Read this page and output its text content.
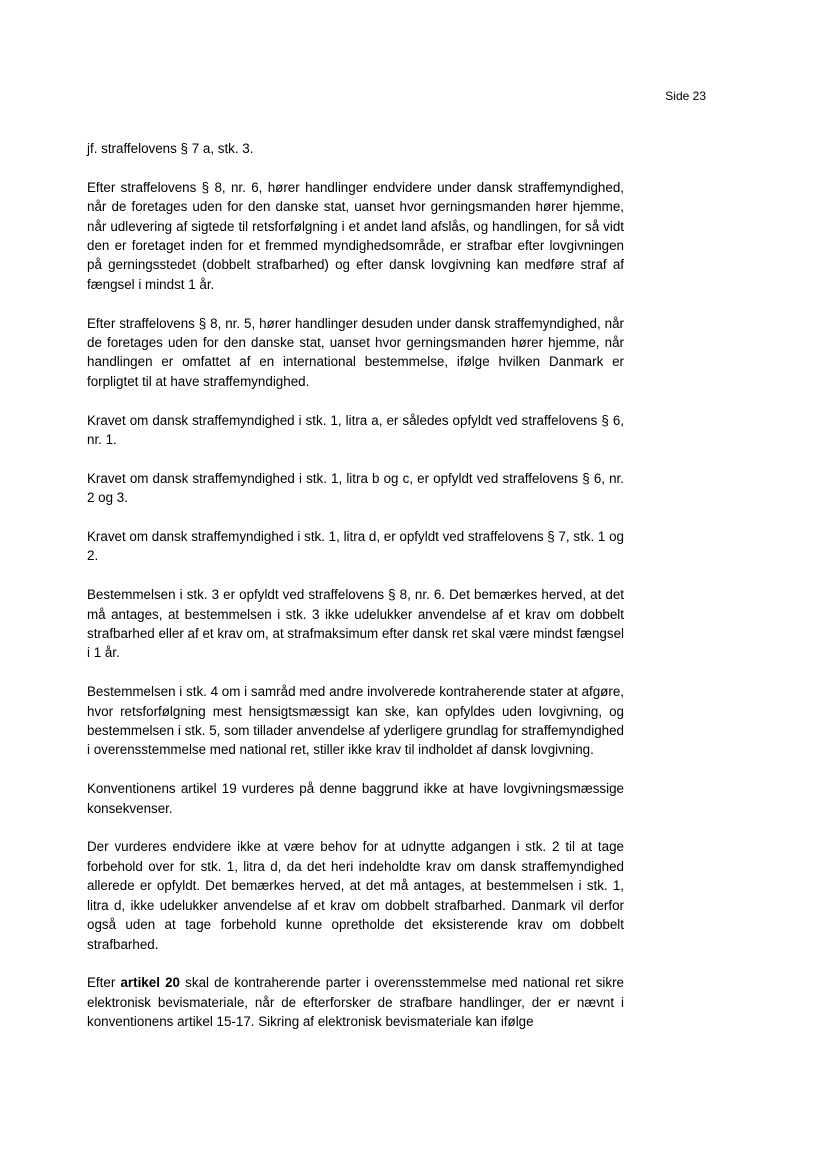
Side 23

jf. straffelovens § 7 a, stk. 3.

Efter straffelovens § 8, nr. 6, hører handlinger endvidere under dansk straffemyndighed, når de foretages uden for den danske stat, uanset hvor gerningsmanden hører hjemme, når udlevering af sigtede til retsforfølgning i et andet land afslås, og handlingen, for så vidt den er foretaget inden for et fremmed myndighedsområde, er strafbar efter lovgivningen på gerningsstedet (dobbelt strafbarhed) og efter dansk lovgivning kan medføre straf af fængsel i mindst 1 år.

Efter straffelovens § 8, nr. 5, hører handlinger desuden under dansk straffemyndighed, når de foretages uden for den danske stat, uanset hvor gerningsmanden hører hjemme, når handlingen er omfattet af en international bestemmelse, ifølge hvilken Danmark er forpligtet til at have straffemyndighed.

Kravet om dansk straffemyndighed i stk. 1, litra a, er således opfyldt ved straffelovens § 6, nr. 1.

Kravet om dansk straffemyndighed i stk. 1, litra b og c, er opfyldt ved straffelovens § 6, nr. 2 og 3.

Kravet om dansk straffemyndighed i stk. 1, litra d, er opfyldt ved straffelovens § 7, stk. 1 og 2.

Bestemmelsen i stk. 3 er opfyldt ved straffelovens § 8, nr. 6. Det bemærkes herved, at det må antages, at bestemmelsen i stk. 3 ikke udelukker anvendelse af et krav om dobbelt strafbarhed eller af et krav om, at strafmaksimum efter dansk ret skal være mindst fængsel i 1 år.

Bestemmelsen i stk. 4 om i samråd med andre involverede kontraherende stater at afgøre, hvor retsforfølgning mest hensigtsmæssigt kan ske, kan opfyldes uden lovgivning, og bestemmelsen i stk. 5, som tillader anvendelse af yderligere grundlag for straffemyndighed i overensstemmelse med national ret, stiller ikke krav til indholdet af dansk lovgivning.

Konventionens artikel 19 vurderes på denne baggrund ikke at have lovgivningsmæssige konsekvenser.

Der vurderes endvidere ikke at være behov for at udnytte adgangen i stk. 2 til at tage forbehold over for stk. 1, litra d, da det heri indeholdte krav om dansk straffemyndighed allerede er opfyldt. Det bemærkes herved, at det må antages, at bestemmelsen i stk. 1, litra d, ikke udelukker anvendelse af et krav om dobbelt strafbarhed. Danmark vil derfor også uden at tage forbehold kunne opretholde det eksisterende krav om dobbelt strafbarhed.

Efter artikel 20 skal de kontraherende parter i overensstemmelse med national ret sikre elektronisk bevismateriale, når de efterforsker de strafbare handlinger, der er nævnt i konventionens artikel 15-17. Sikring af elektronisk bevismateriale kan ifølge
